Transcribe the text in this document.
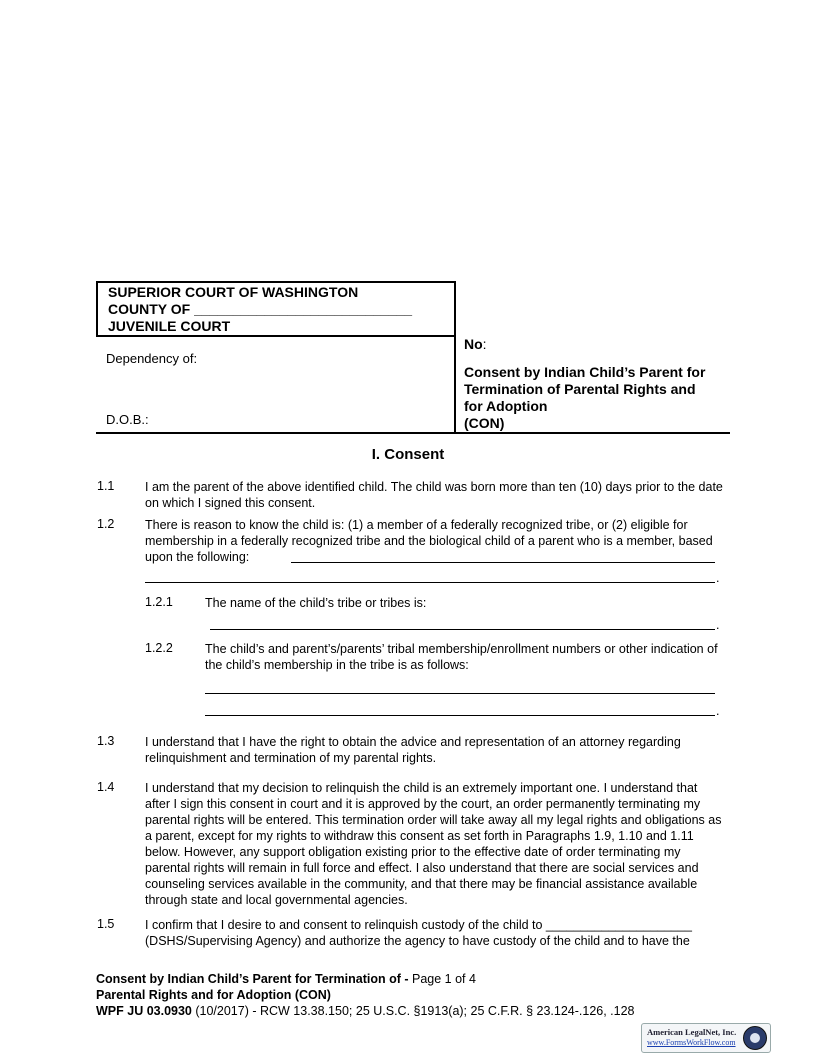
SUPERIOR COURT OF WASHINGTON
COUNTY OF ____________________________
JUVENILE COURT
Dependency of:
D.O.B.:
No:
Consent by Indian Child’s Parent for
Termination of Parental Rights and
for Adoption
(CON)
I. Consent
1.1 I am the parent of the above identified child. The child was born more than ten (10) days prior to the date on which I signed this consent.
1.2 There is reason to know the child is: (1) a member of a federally recognized tribe, or (2) eligible for membership in a federally recognized tribe and the biological child of a parent who is a member, based upon the following:
.
1.2.1	The name of the child’s tribe or tribes is:
.
1.2.2	The child’s and parent’s/parents’ tribal membership/enrollment numbers or other indication of the child’s membership in the tribe is as follows:
.
1.3 I understand that I have the right to obtain the advice and representation of an attorney regarding relinquishment and termination of my parental rights.
1.4 I understand that my decision to relinquish the child is an extremely important one. I understand that after I sign this consent in court and it is approved by the court, an order permanently terminating my parental rights will be entered. This termination order will take away all my legal rights and obligations as a parent, except for my rights to withdraw this consent as set forth in Paragraphs 1.9, 1.10 and 1.11 below. However, any support obligation existing prior to the effective date of order terminating my parental rights will remain in full force and effect. I also understand that there are social services and counseling services available in the community, and that there may be financial assistance available through state and local governmental agencies.
1.5 I confirm that I desire to and consent to relinquish custody of the child to _____________________ (DSHS/Supervising Agency) and authorize the agency to have custody of the child and to have the
Consent by Indian Child’s Parent for Termination of - Page 1 of 4
Parental Rights and for Adoption (CON)
WPF JU 03.0930 (10/2017) - RCW 13.38.150; 25 U.S.C. §1913(a); 25 C.F.R. § 23.124-.126, .128
American LegalNet, Inc.
www.FormsWorkFlow.com
